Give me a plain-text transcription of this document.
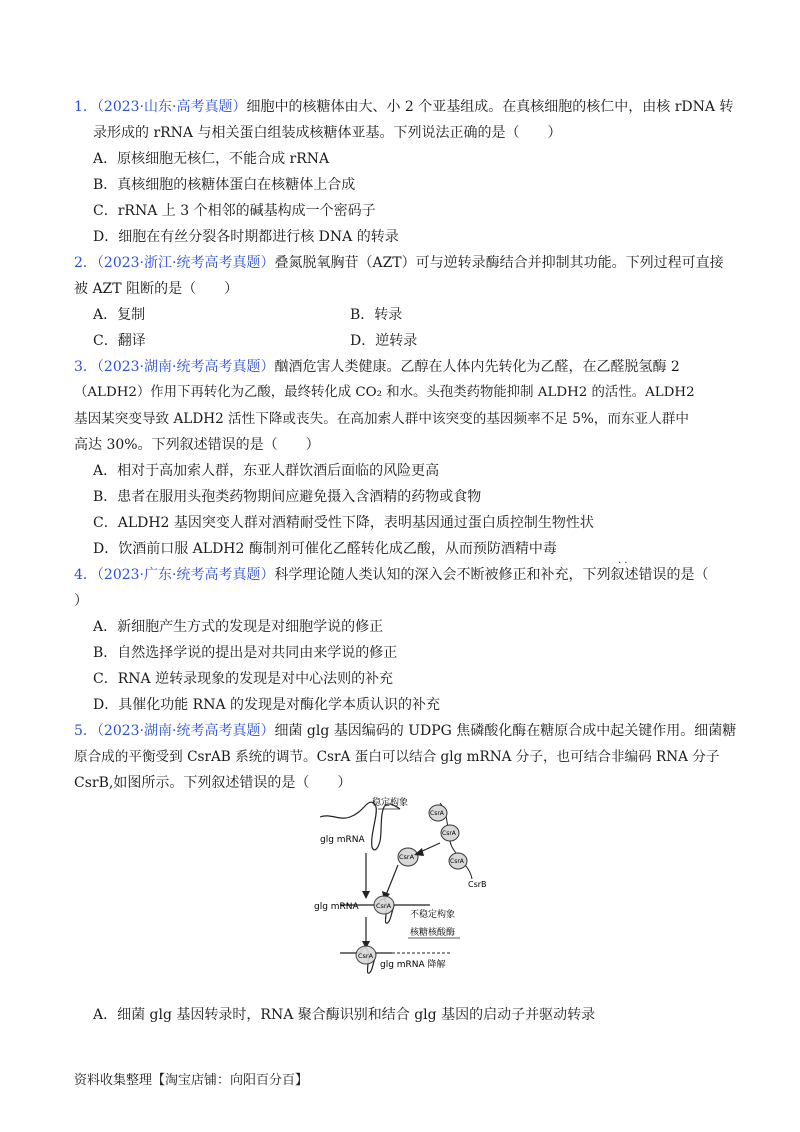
1．（2023·山东·高考真题）细胞中的核糖体由大、小 2 个亚基组成。在真核细胞的核仁中，由核 rDNA 转
录形成的 rRNA 与相关蛋白组装成核糖体亚基。下列说法正确的是（　　）
A．原核细胞无核仁，不能合成 rRNA
B．真核细胞的核糖体蛋白在核糖体上合成
C．rRNA 上 3 个相邻的碱基构成一个密码子
D．细胞在有丝分裂各时期都进行核 DNA 的转录
2．（2023·浙江·统考高考真题）叠氮脱氧胸苷（AZT）可与逆转录酶结合并抑制其功能。下列过程可直接
被 AZT 阻断的是（　　）
A．复制	B．转录
C．翻译	D．逆转录
3．（2023·湖南·统考高考真题）酗酒危害人类健康。乙醇在人体内先转化为乙醛，在乙醛脱氢酶 2
（ALDH2）作用下再转化为乙酸，最终转化成 CO₂ 和水。头孢类药物能抑制 ALDH2 的活性。ALDH2
基因某突变导致 ALDH2 活性下降或丧失。在高加索人群中该突变的基因频率不足 5%，而东亚人群中
高达 30%。下列叙述错误的是（　　）
A．相对于高加索人群，东亚人群饮酒后面临的风险更高
B．患者在服用头孢类药物期间应避免摄入含酒精的药物或食物
C．ALDH2 基因突变人群对酒精耐受性下降，表明基因通过蛋白质控制生物性状
D．饮酒前口服 ALDH2 酶制剂可催化乙醛转化成乙酸，从而预防酒精中毒
· ·
4．（2023·广东·统考高考真题）科学理论随人类认知的深入会不断被修正和补充，下列叙述错误的是（
）
A．新细胞产生方式的发现是对细胞学说的修正
B．自然选择学说的提出是对共同由来学说的修正
C．RNA 逆转录现象的发现是对中心法则的补充
D．具催化功能 RNA 的发现是对酶化学本质认识的补充
5．（2023·湖南·统考高考真题）细菌 glg 基因编码的 UDPG 焦磷酸化酶在糖原合成中起关键作用。细菌糖
原合成的平衡受到 CsrAB 系统的调节。CsrA 蛋白可以结合 glg mRNA 分子，也可结合非编码 RNA 分子
CsrB,如图所示。下列叙述错误的是（　　）
稳定构象
glg mRNA
CsrA
CsrA
CsrA
CsrB
CsrA
CsrA
glg mRNA
不稳定构象
核糖核酸酶
CsrA
glg mRNA 降解
A．细菌 glg 基因转录时，RNA 聚合酶识别和结合 glg 基因的启动子并驱动转录
资料收集整理【淘宝店铺：向阳百分百】
